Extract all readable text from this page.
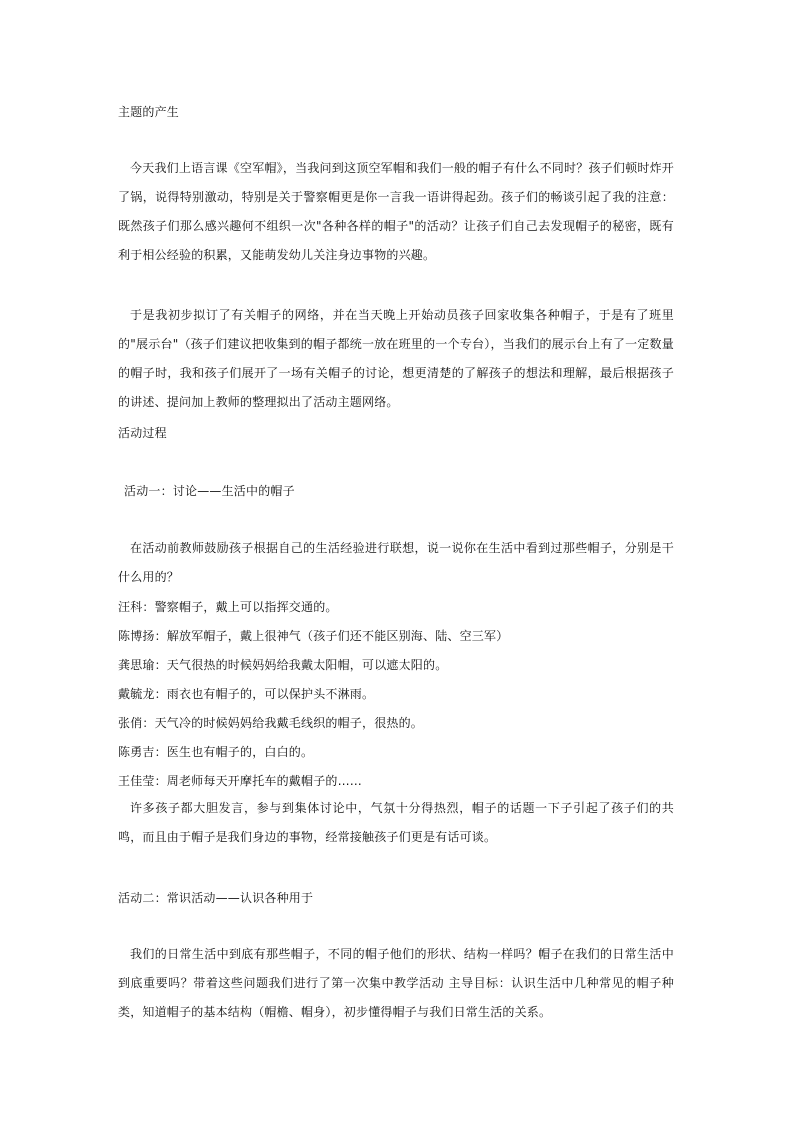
主题的产生
今天我们上语言课《空军帽》，当我问到这顶空军帽和我们一般的帽子有什么不同时？孩子们顿时炸开了锅，说得特别激动，特别是关于警察帽更是你一言我一语讲得起劲。孩子们的畅谈引起了我的注意：既然孩子们那么感兴趣何不组织一次"各种各样的帽子"的活动？让孩子们自己去发现帽子的秘密，既有利于相公经验的积累，又能萌发幼儿关注身边事物的兴趣。
于是我初步拟订了有关帽子的网络，并在当天晚上开始动员孩子回家收集各种帽子，于是有了班里的"展示台"（孩子们建议把收集到的帽子都统一放在班里的一个专台），当我们的展示台上有了一定数量的帽子时，我和孩子们展开了一场有关帽子的讨论，想更清楚的了解孩子的想法和理解，最后根据孩子的讲述、提问加上教师的整理拟出了活动主题网络。
活动过程
活动一：讨论——生活中的帽子
在活动前教师鼓励孩子根据自己的生活经验进行联想，说一说你在生活中看到过那些帽子，分别是干什么用的？
汪科：警察帽子，戴上可以指挥交通的。
陈博扬：解放军帽子，戴上很神气（孩子们还不能区别海、陆、空三军）
龚思瑜：天气很热的时候妈妈给我戴太阳帽，可以遮太阳的。
戴毓龙：雨衣也有帽子的，可以保护头不淋雨。
张俏：天气冷的时候妈妈给我戴毛线织的帽子，很热的。
陈勇吉：医生也有帽子的，白白的。
王佳莹：周老师每天开摩托车的戴帽子的……
许多孩子都大胆发言，参与到集体讨论中，气氛十分得热烈，帽子的话题一下子引起了孩子们的共鸣，而且由于帽子是我们身边的事物，经常接触孩子们更是有话可谈。
活动二：常识活动——认识各种用于
我们的日常生活中到底有那些帽子，不同的帽子他们的形状、结构一样吗？帽子在我们的日常生活中到底重要吗？带着这些问题我们进行了第一次集中教学活动 主导目标：认识生活中几种常见的帽子种类，知道帽子的基本结构（帽檐、帽身），初步懂得帽子与我们日常生活的关系。
